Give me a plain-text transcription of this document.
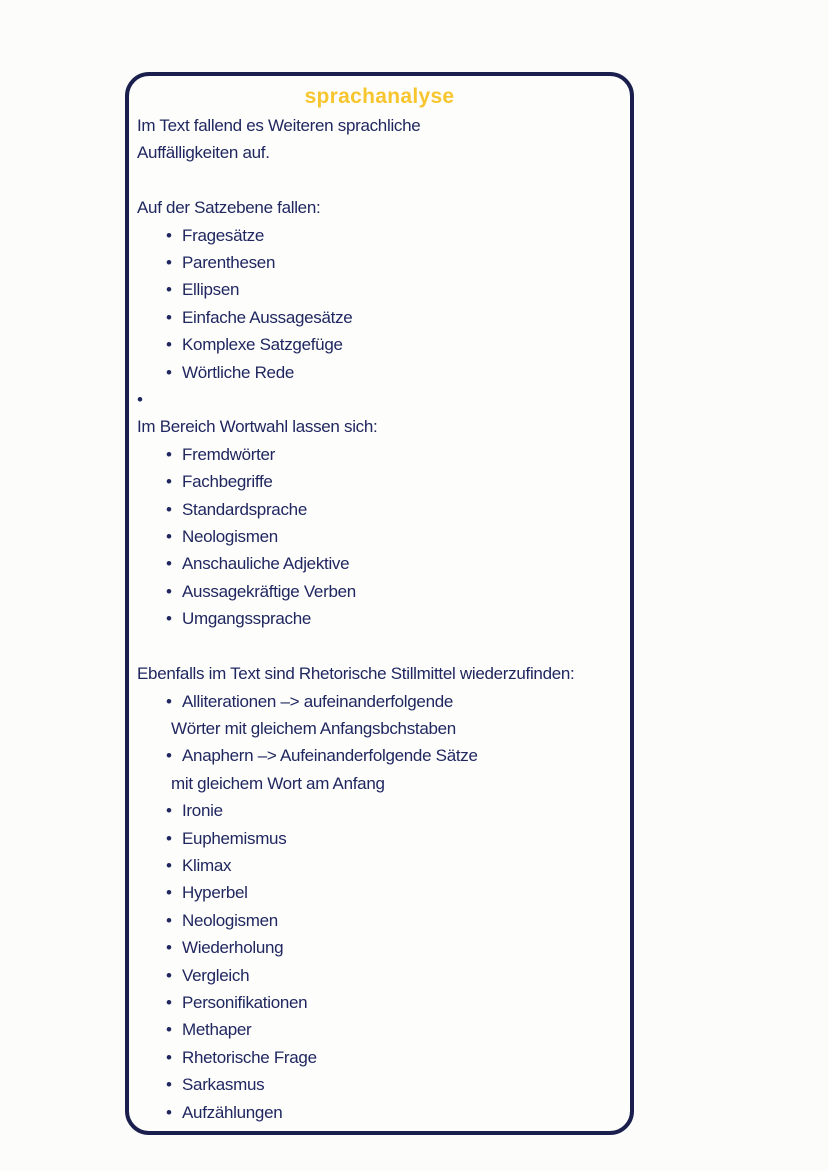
sprachanalyse
Im Text fallend es Weiteren sprachliche
Auffälligkeiten auf.
Auf der Satzebene fallen:
• Fragesätze
• Parenthesen
• Ellipsen
• Einfache Aussagesätze
• Komplexe Satzgefüge
• Wörtliche Rede
•
Im Bereich Wortwahl lassen sich:
• Fremdwörter
• Fachbegriffe
• Standardsprache
• Neologismen
• Anschauliche Adjektive
• Aussagekräftige Verben
• Umgangssprache
Ebenfalls im Text sind Rhetorische Stillmittel wiederzufinden:
• Alliterationen –> aufeinanderfolgende
Wörter mit gleichem Anfangsbchstaben
• Anaphern –> Aufeinanderfolgende Sätze
mit gleichem Wort am Anfang
• Ironie
• Euphemismus
• Klimax
• Hyperbel
• Neologismen
• Wiederholung
• Vergleich
• Personifikationen
• Methaper
• Rhetorische Frage
• Sarkasmus
• Aufzählungen
